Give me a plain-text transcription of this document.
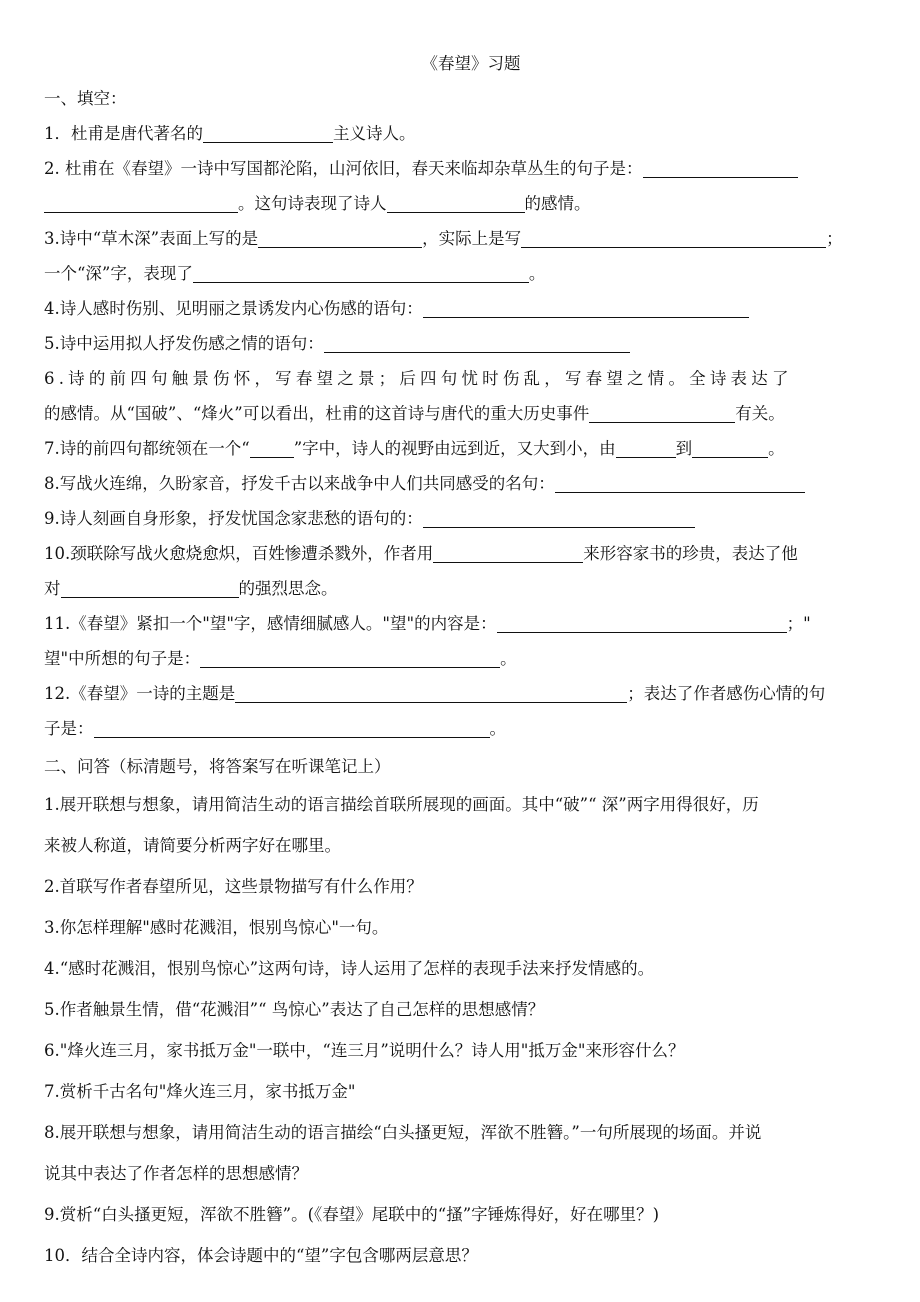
《春望》习题
一、填空：
1．杜甫是唐代著名的	主义诗人。
2. 杜甫在《春望》一诗中写国都沦陷，山河依旧，春天来临却杂草丛生的句子是：
。这句诗表现了诗人	的感情。
3.诗中“草木深”表面上写的是	，实际上是写	；
一个“深”字，表现了	。
4.诗人感时伤别、见明丽之景诱发内心伤感的语句：
5.诗中运用拟人抒发伤感之情的语句：
6.诗的前四句触景伤怀，写春望之景；后四句忧时伤乱，写春望之情。全诗表达了
的感情。从“国破”、“烽火”可以看出，杜甫的这首诗与唐代的重大历史事件	有关。
7.诗的前四句都统领在一个“	”字中，诗人的视野由远到近，又大到小，由	到	。
8.写战火连绵，久盼家音，抒发千古以来战争中人们共同感受的名句：
9.诗人刻画自身形象，抒发忧国念家悲愁的语句的：
10.颈联除写战火愈烧愈炽，百姓惨遭杀戮外，作者用	来形容家书的珍贵，表达了他
对	的强烈思念。
11.《春望》紧扣一个"望"字，感情细腻感人。"望"的内容是：	；"
望"中所想的句子是：	。
12.《春望》一诗的主题是	；表达了作者感伤心情的句
子是：	。
二、问答（标清题号，将答案写在听课笔记上）
1.展开联想与想象，请用简洁生动的语言描绘首联所展现的画面。其中“破”“ 深”两字用得很好，历
来被人称道，请简要分析两字好在哪里。
2.首联写作者春望所见，这些景物描写有什么作用？
3.你怎样理解"感时花溅泪，恨别鸟惊心"一句。
4.“感时花溅泪，恨别鸟惊心”这两句诗，诗人运用了怎样的表现手法来抒发情感的。
5.作者触景生情，借“花溅泪”“ 鸟惊心”表达了自己怎样的思想感情？
6."烽火连三月，家书抵万金"一联中，“连三月”说明什么？诗人用"抵万金"来形容什么？
7.赏析千古名句"烽火连三月，家书抵万金"
8.展开联想与想象，请用简洁生动的语言描绘“白头搔更短，浑欲不胜簪。”一句所展现的场面。并说
说其中表达了作者怎样的思想感情？
9.赏析“白头搔更短，浑欲不胜簪”。(《春望》尾联中的“搔”字锤炼得好，好在哪里？)
10．结合全诗内容，体会诗题中的“望”字包含哪两层意思？
